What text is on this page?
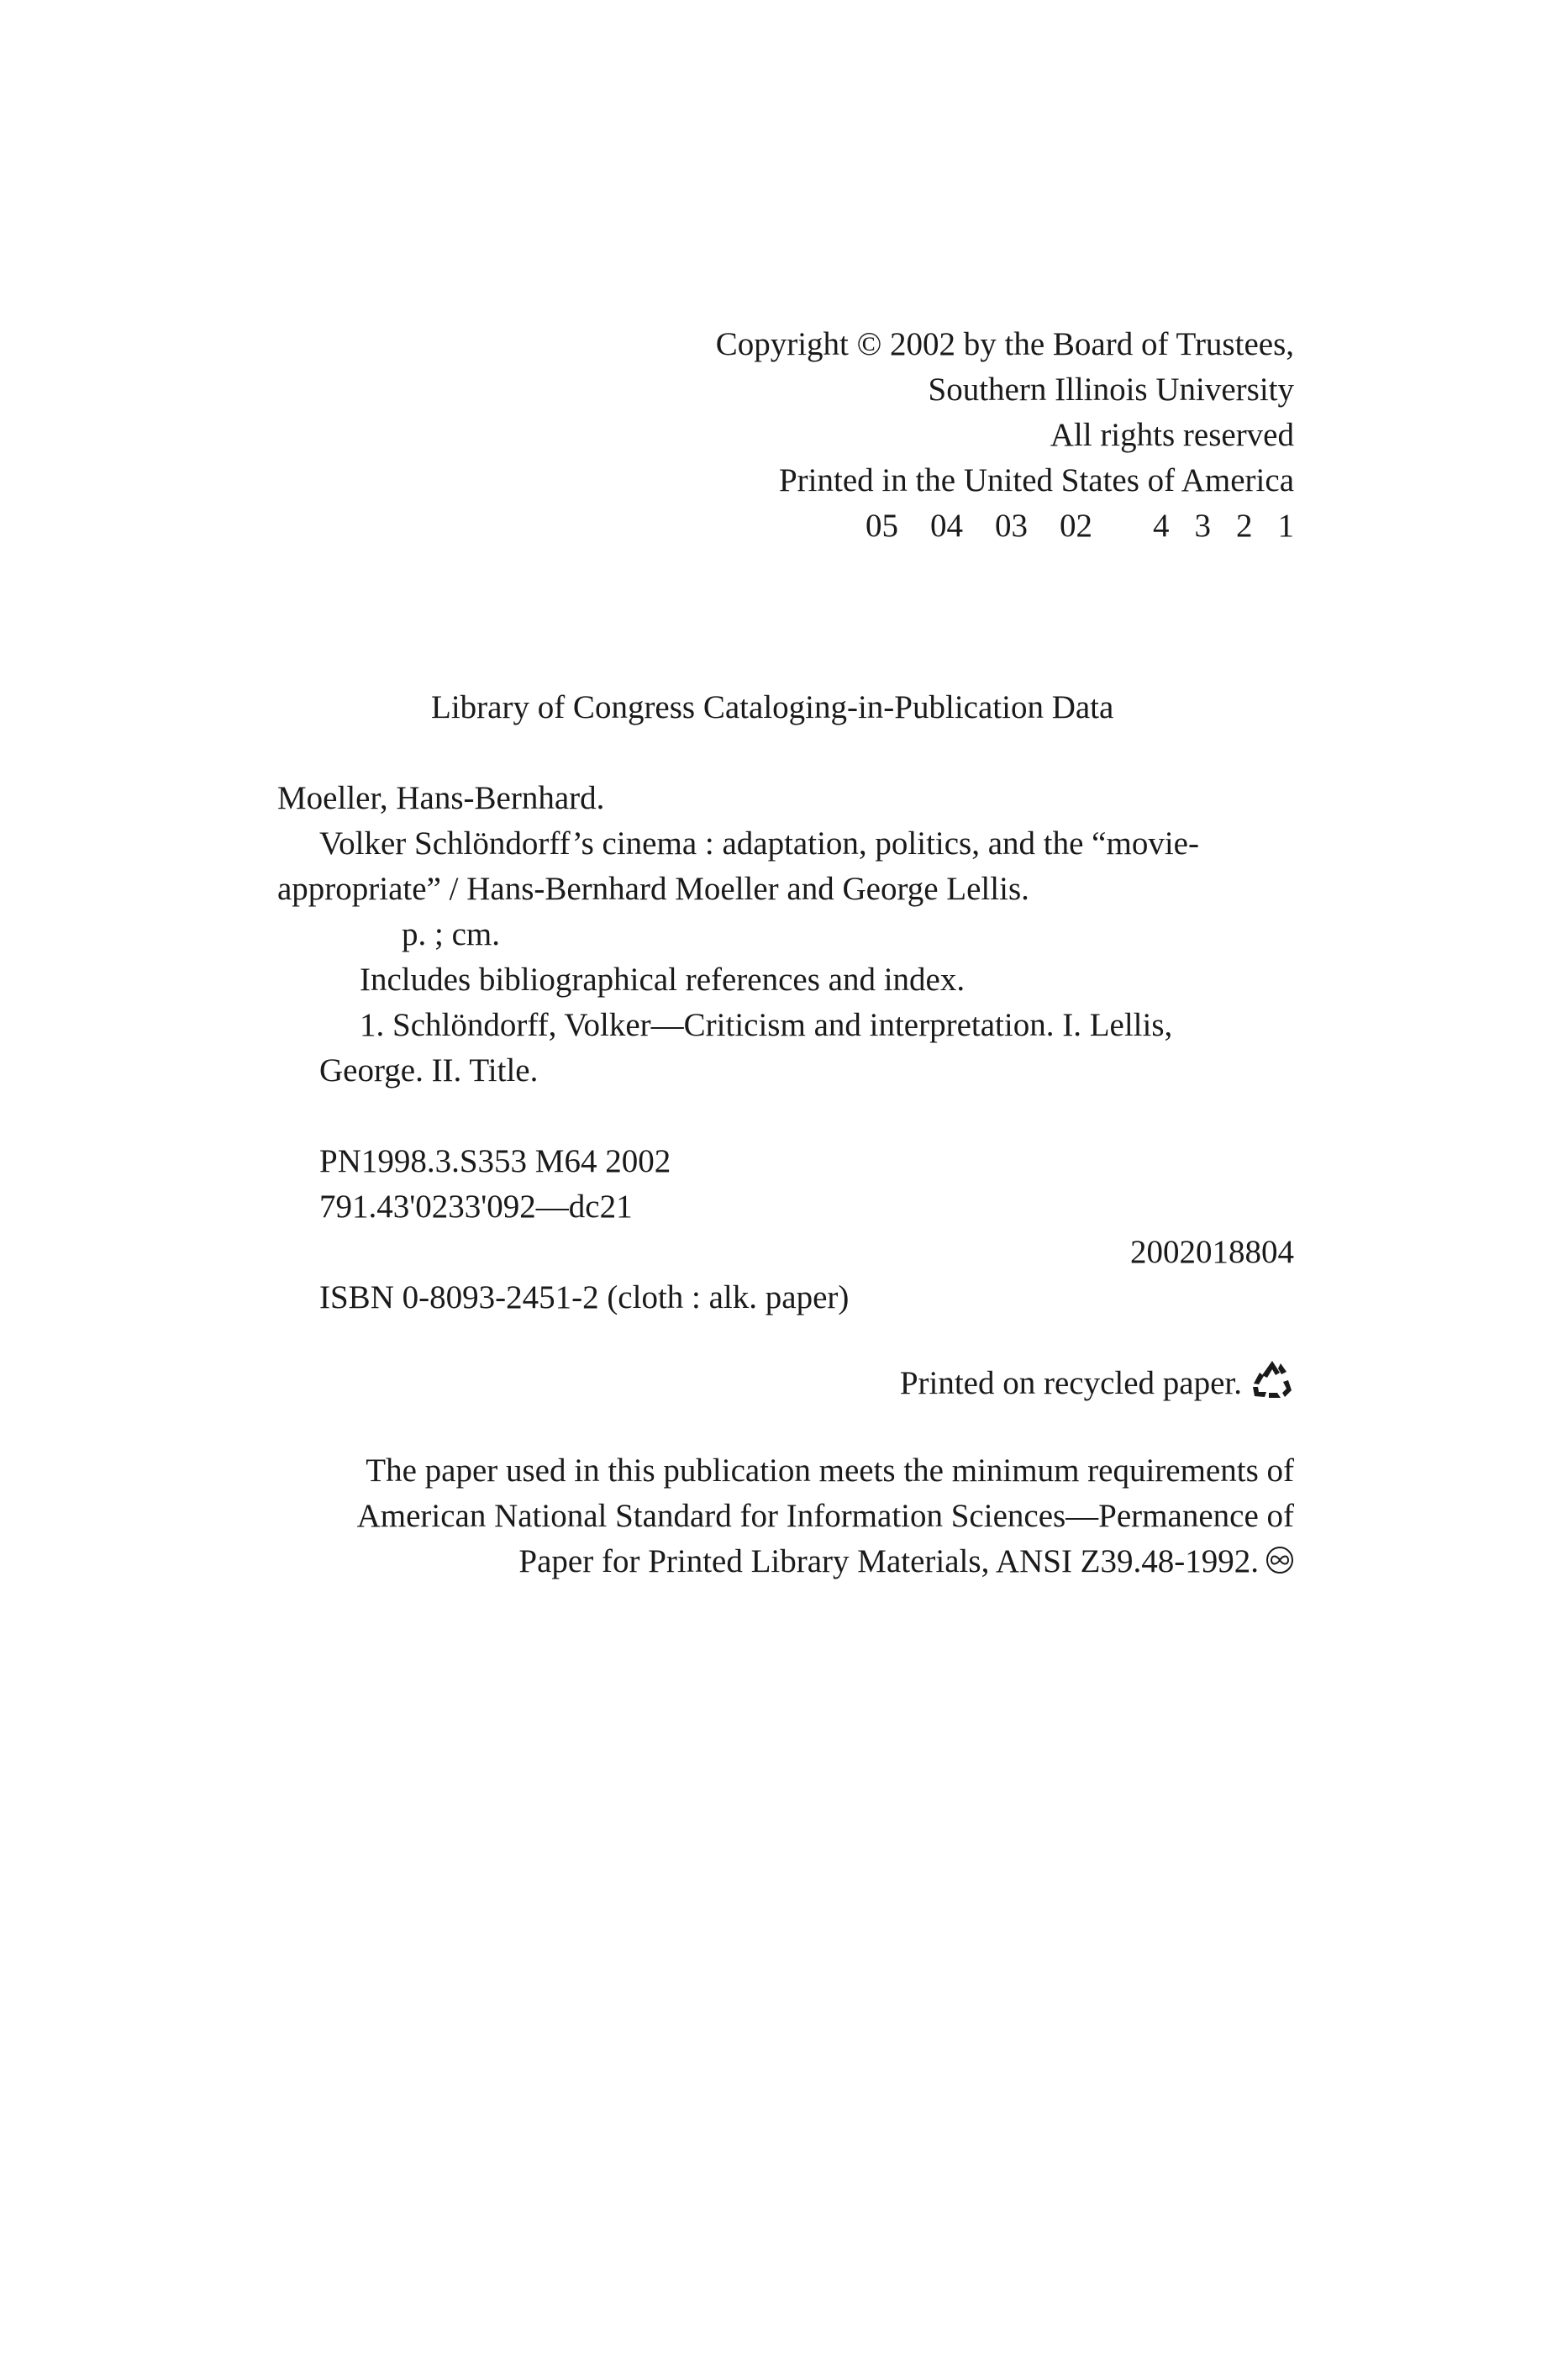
Copyright © 2002 by the Board of Trustees,
Southern Illinois University
All rights reserved
Printed in the United States of America
05 04 03 02 4 3 2 1
Library of Congress Cataloging-in-Publication Data
Moeller, Hans-Bernhard.
Volker Schlöndorff’s cinema : adaptation, politics, and the “movie-
appropriate” / Hans-Bernhard Moeller and George Lellis.
p. ; cm.
Includes bibliographical references and index.
1. Schlöndorff, Volker—Criticism and interpretation. I. Lellis,
George. II. Title.
PN1998.3.S353 M64 2002
791.43'0233'092—dc21
2002018804
ISBN 0-8093-2451-2 (cloth : alk. paper)
Printed on recycled paper.
The paper used in this publication meets the minimum requirements of
American National Standard for Information Sciences—Permanence of
Paper for Printed Library Materials, ANSI Z39.48-1992.
